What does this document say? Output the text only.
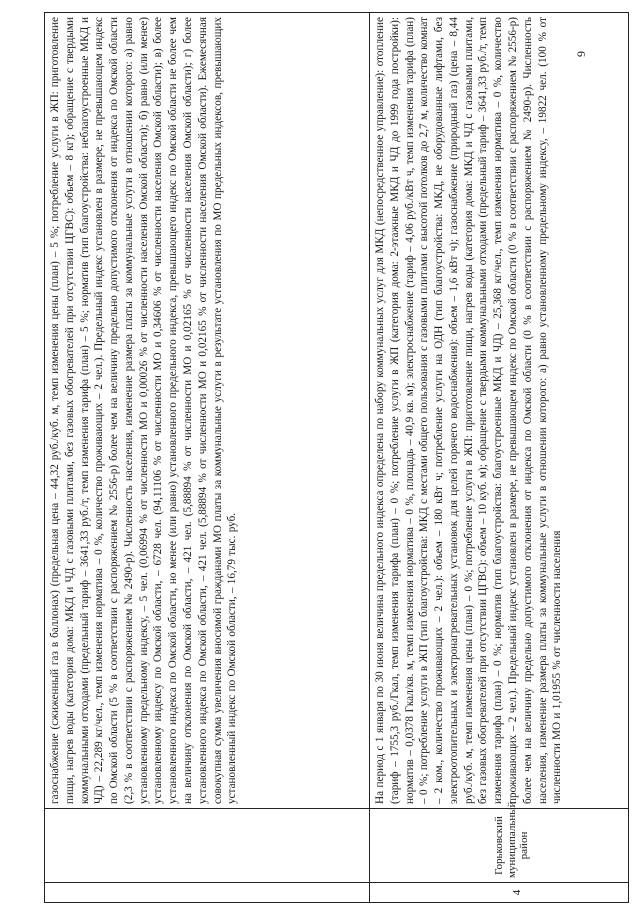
9

	газоснабжение (сжиженный газ в баллонах) (предельная цена – 44,32 руб./куб. м, темп изменения цены (план) – 5 %; потребление услуги в ЖП: приготовление пищи, нагрев воды (категория дома: МКД и ЧД с газовыми плитами, без газовых обогревателей при отсутствии ЦГВС): объем – 8 кг); обращение с твердыми коммунальными отходами (предельный тариф – 3641,33 руб./т, темп изменения тарифа (план) – 5 %; норматив (тип благоустройства: неблагоустроенные МКД и ЧД) – 22,289 кг/чел., темп изменения норматива – 0 %, количество проживающих – 2 чел.). Предельный индекс установлен в размере, не превышающем индекс по Омской области (5 % в соответствии с распоряжением № 2556-р) более чем на величину предельно допустимого отклонения от индекса по Омской области (2,3 % в соответствии с распоряжением № 2490-р). Численность населения, изменение размера платы за коммунальные услуги в отношении которого: а) равно установленному предельному индексу, – 5 чел. (0,06994 % от численности МО и 0,00026 % от численности населения Омской области); б) равно (или менее) установленному индексу по Омской области, – 6728 чел. (94,11106 % от численности МО и 0,34606 % от численности населения Омской области); в) более установленного индекса по Омской области, но менее (или равно) установленного предельного индекса, превышающего индекс по Омской области не более чем на величину отклонения по Омской области, – 421 чел. (5,88894 % от численности МО и 0,02165 % от численности населения Омской области); г) более установленного индекса по Омской области, – 421 чел. (5,88894 % от численности МО и 0,02165 % от численности населения Омской области). Ежемесячная совокупная сумма увеличения вносимой гражданами МО платы за коммунальные услуги в результате установления по МО предельных индексов, превышающих установленный индекс по Омской области, – 16,79 тыс. руб.

4	Горьковский муниципальный район	На период с 1 января по 30 июня величина предельного индекса определена по набору коммунальных услуг для МКД (непосредственное управление): отопление (тариф – 1755,3 руб./Гкал, темп изменения тарифа (план) – 0 %; потребление услуги в ЖП (категория дома: 2-этажные МКД и ЧД до 1999 года постройки): норматив – 0,0378 Гкал/кв. м, темп изменения норматива – 0 %, площадь – 40,9 кв. м); электроснабжение (тариф – 4,06 руб./кВт ч, темп изменения тарифа (план) – 0 %; потребление услуги в ЖП (тип благоустройства: МКД с местами общего пользования с газовыми плитами с высотой потолков до 2,7 м, количество комнат – 2 ком., количество проживающих – 2 чел.): объем – 180 кВт ч; потребление услуги на ОДН (тип благоустройства: МКД, не оборудованные лифтами, без электроотопительных и электронагревательных установок для целей горячего водоснабжения): объем – 1,6 кВт ч); газоснабжение (природный газ) (цена – 8,44 руб./куб. м, темп изменения цены (план) – 0 %; потребление услуги в ЖП: приготовление пищи, нагрев воды (категория дома: МКД и ЧД с газовыми плитами, без газовых обогревателей при отсутствии ЦГВС): объем – 10 куб. м); обращение с твердыми коммунальными отходами (предельный тариф – 3641,33 руб./т, темп изменения тарифа (план) – 0 %; норматив (тип благоустройства: благоустроенные МКД и ЧД) – 25,368 кг/чел., темп изменения норматива – 0 %, количество проживающих – 2 чел.). Предельный индекс установлен в размере, не превышающем индекс по Омской области (0 % в соответствии с распоряжением № 2556-р) более чем на величину предельно допустимого отклонения от индекса по Омской области (0 % в соответствии с распоряжением № 2490-р). Численность населения, изменение размера платы за коммунальные услуги в отношении которого: а) равно установленному предельному индексу, – 19822 чел. (100 % от численности МО и 1,01955 % от численности населения
